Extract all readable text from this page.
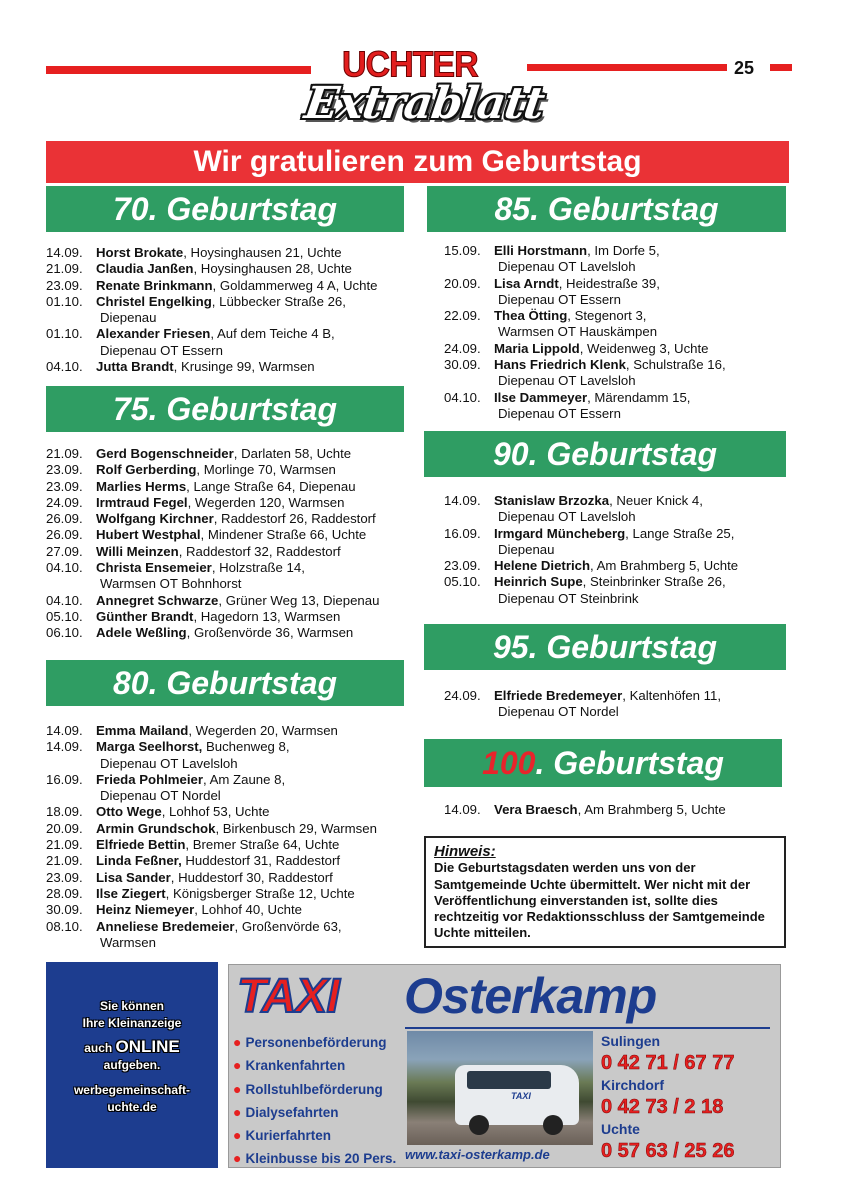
25
UCHTER
Extrablatt
Wir gratulieren zum Geburtstag
70. Geburtstag
14.09.	Horst Brokate, Hoysinghausen 21, Uchte
21.09.	Claudia Janßen, Hoysinghausen 28, Uchte
23.09.	Renate Brinkmann, Goldammerweg 4 A, Uchte
01.10.	Christel Engelking, Lübbecker Straße 26,
Diepenau
01.10.	Alexander Friesen, Auf dem Teiche 4 B,
Diepenau OT Essern
04.10.	Jutta Brandt, Krusinge 99, Warmsen
75. Geburtstag
21.09.	Gerd Bogenschneider, Darlaten 58, Uchte
23.09.	Rolf Gerberding, Morlinge 70, Warmsen
23.09.	Marlies Herms, Lange Straße 64, Diepenau
24.09.	Irmtraud Fegel, Wegerden 120, Warmsen
26.09.	Wolfgang Kirchner, Raddestorf 26, Raddestorf
26.09.	Hubert Westphal, Mindener Straße 66, Uchte
27.09.	Willi Meinzen, Raddestorf 32, Raddestorf
04.10.	Christa Ensemeier, Holzstraße 14,
Warmsen OT Bohnhorst
04.10.	Annegret Schwarze, Grüner Weg 13, Diepenau
05.10.	Günther Brandt, Hagedorn 13, Warmsen
06.10.	Adele Weßling, Großenvörde 36, Warmsen
80. Geburtstag
14.09.	Emma Mailand, Wegerden 20, Warmsen
14.09.	Marga Seelhorst, Buchenweg 8,
Diepenau OT Lavelsloh
16.09.	Frieda Pohlmeier, Am Zaune 8,
Diepenau OT Nordel
18.09.	Otto Wege, Lohhof 53, Uchte
20.09.	Armin Grundschok, Birkenbusch 29, Warmsen
21.09.	Elfriede Bettin, Bremer Straße 64, Uchte
21.09.	Linda Feßner, Huddestorf 31, Raddestorf
23.09.	Lisa Sander, Huddestorf 30, Raddestorf
28.09.	Ilse Ziegert, Königsberger Straße 12, Uchte
30.09.	Heinz Niemeyer, Lohhof 40, Uchte
08.10.	Anneliese Bredemeier, Großenvörde 63,
Warmsen
85. Geburtstag
15.09.	Elli Horstmann, Im Dorfe 5,
Diepenau OT Lavelsloh
20.09.	Lisa Arndt, Heidestraße 39,
Diepenau OT Essern
22.09.	Thea Ötting, Stegenort 3,
Warmsen OT Hauskämpen
24.09.	Maria Lippold, Weidenweg 3, Uchte
30.09.	Hans Friedrich Klenk, Schulstraße 16,
Diepenau OT Lavelsloh
04.10.	Ilse Dammeyer, Märendamm 15,
Diepenau OT Essern
90. Geburtstag
14.09.	Stanislaw Brzozka, Neuer Knick 4,
Diepenau OT Lavelsloh
16.09.	Irmgard Müncheberg, Lange Straße 25,
Diepenau
23.09.	Helene Dietrich, Am Brahmberg 5, Uchte
05.10.	Heinrich Supe, Steinbrinker Straße 26,
Diepenau OT Steinbrink
95. Geburtstag
24.09.	Elfriede Bredemeyer, Kaltenhöfen 11,
Diepenau OT Nordel
100. Geburtstag
14.09.	Vera Braesch, Am Brahmberg 5, Uchte
Hinweis:
Die Geburtstagsdaten werden uns von der Samtgemeinde Uchte übermittelt. Wer nicht mit der Veröffentlichung einverstanden ist, sollte dies rechtzeitig vor Redaktionsschluss der Samtgemeinde Uchte mitteilen.
Sie können
Ihre Kleinanzeige
auch ONLINE
aufgeben.
werbegemeinschaft-
uchte.de
TAXI Osterkamp
● Personenbeförderung
● Krankenfahrten
● Rollstuhlbeförderung
● Dialysefahrten
● Kurierfahrten
● Kleinbusse bis 20 Pers.
TAXI
www.taxi-osterkamp.de
Sulingen
0 42 71 / 67 77
Kirchdorf
0 42 73 / 2 18
Uchte
0 57 63 / 25 26
